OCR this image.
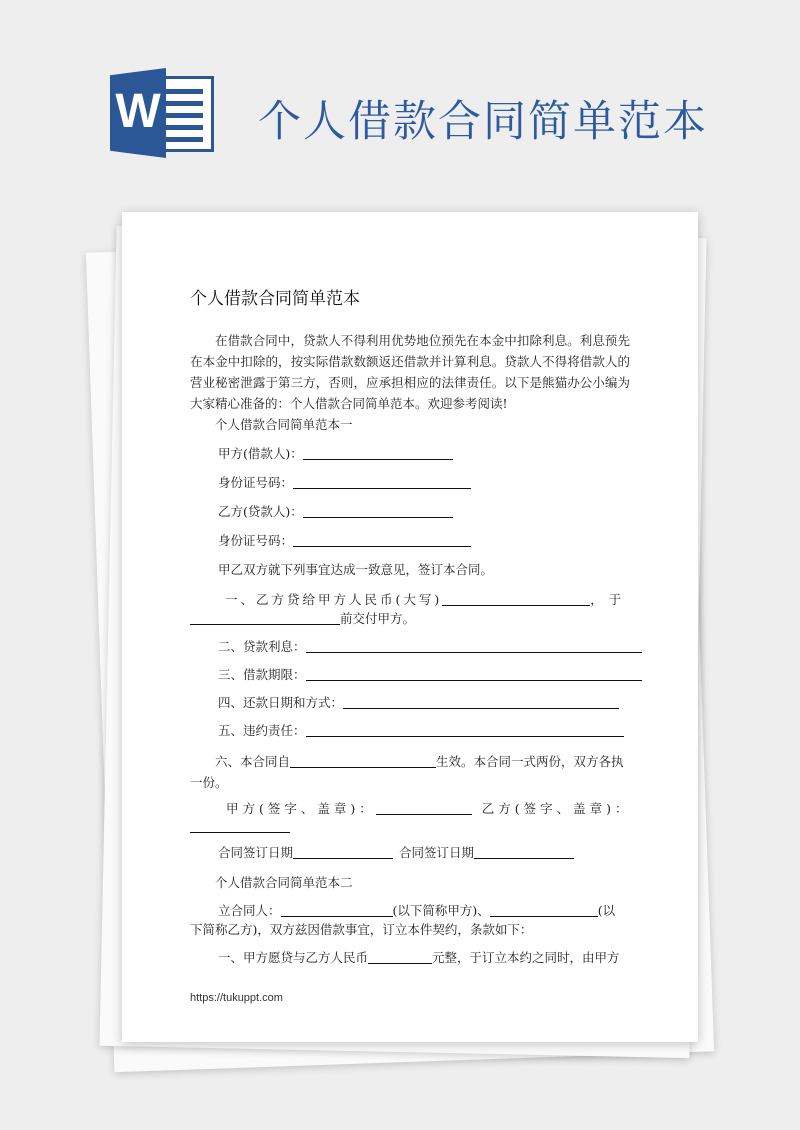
W 个人借款合同简单范本
个人借款合同简单范本
在借款合同中，贷款人不得利用优势地位预先在本金中扣除利息。利息预先在本金中扣除的，按实际借款数额返还借款并计算利息。贷款人不得将借款人的营业秘密泄露于第三方，否则，应承担相应的法律责任。以下是熊猫办公小编为大家精心准备的：个人借款合同简单范本。欢迎参考阅读!
个人借款合同简单范本一
甲方(借款人)：
身份证号码：
乙方(贷款人)：
身份证号码：
甲乙双方就下列事宜达成一致意见，签订本合同。
一、乙方贷给甲方人民币(大写)	，于
前交付甲方。
二、贷款利息：
三、借款期限：
四、还款日期和方式：
五、违约责任：
六、本合同自	生效。本合同一式两份，双方各执一份。
甲方(签字、盖章)：	乙方(签字、盖章)：
合同签订日期	合同签订日期
个人借款合同简单范本二
立合同人：	(以下简称甲方)、	(以
下简称乙方)，双方兹因借款事宜，订立本件契约，条款如下：
一、甲方愿贷与乙方人民币	元整，于订立本约之同时，由甲方
https://tukuppt.com
